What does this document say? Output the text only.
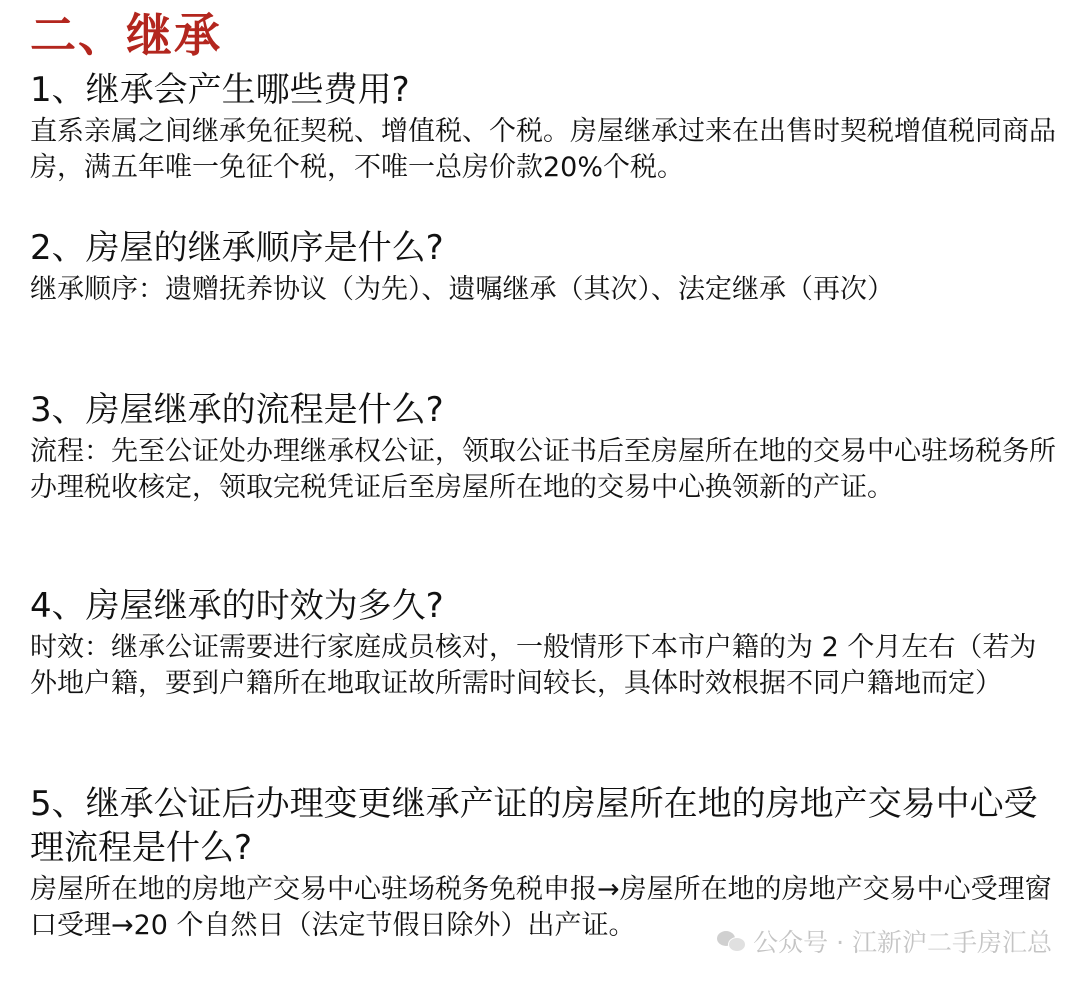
二、继承
1、继承会产生哪些费用?
直系亲属之间继承免征契税、增值税、个税。房屋继承过来在出售时契税增值税同商品房，满五年唯一免征个税，不唯一总房价款20%个税。
2、房屋的继承顺序是什么?
继承顺序：遗赠抚养协议（为先）、遗嘱继承（其次）、法定继承（再次）
3、房屋继承的流程是什么?
流程：先至公证处办理继承权公证，领取公证书后至房屋所在地的交易中心驻场税务所办理税收核定，领取完税凭证后至房屋所在地的交易中心换领新的产证。
4、房屋继承的时效为多久?
时效：继承公证需要进行家庭成员核对，一般情形下本市户籍的为 2 个月左右（若为外地户籍，要到户籍所在地取证故所需时间较长，具体时效根据不同户籍地而定）
5、继承公证后办理变更继承产证的房屋所在地的房地产交易中心受理流程是什么?
房屋所在地的房地产交易中心驻场税务免税申报→房屋所在地的房地产交易中心受理窗口受理→20 个自然日（法定节假日除外）出产证。
公众号 · 江新沪二手房汇总
